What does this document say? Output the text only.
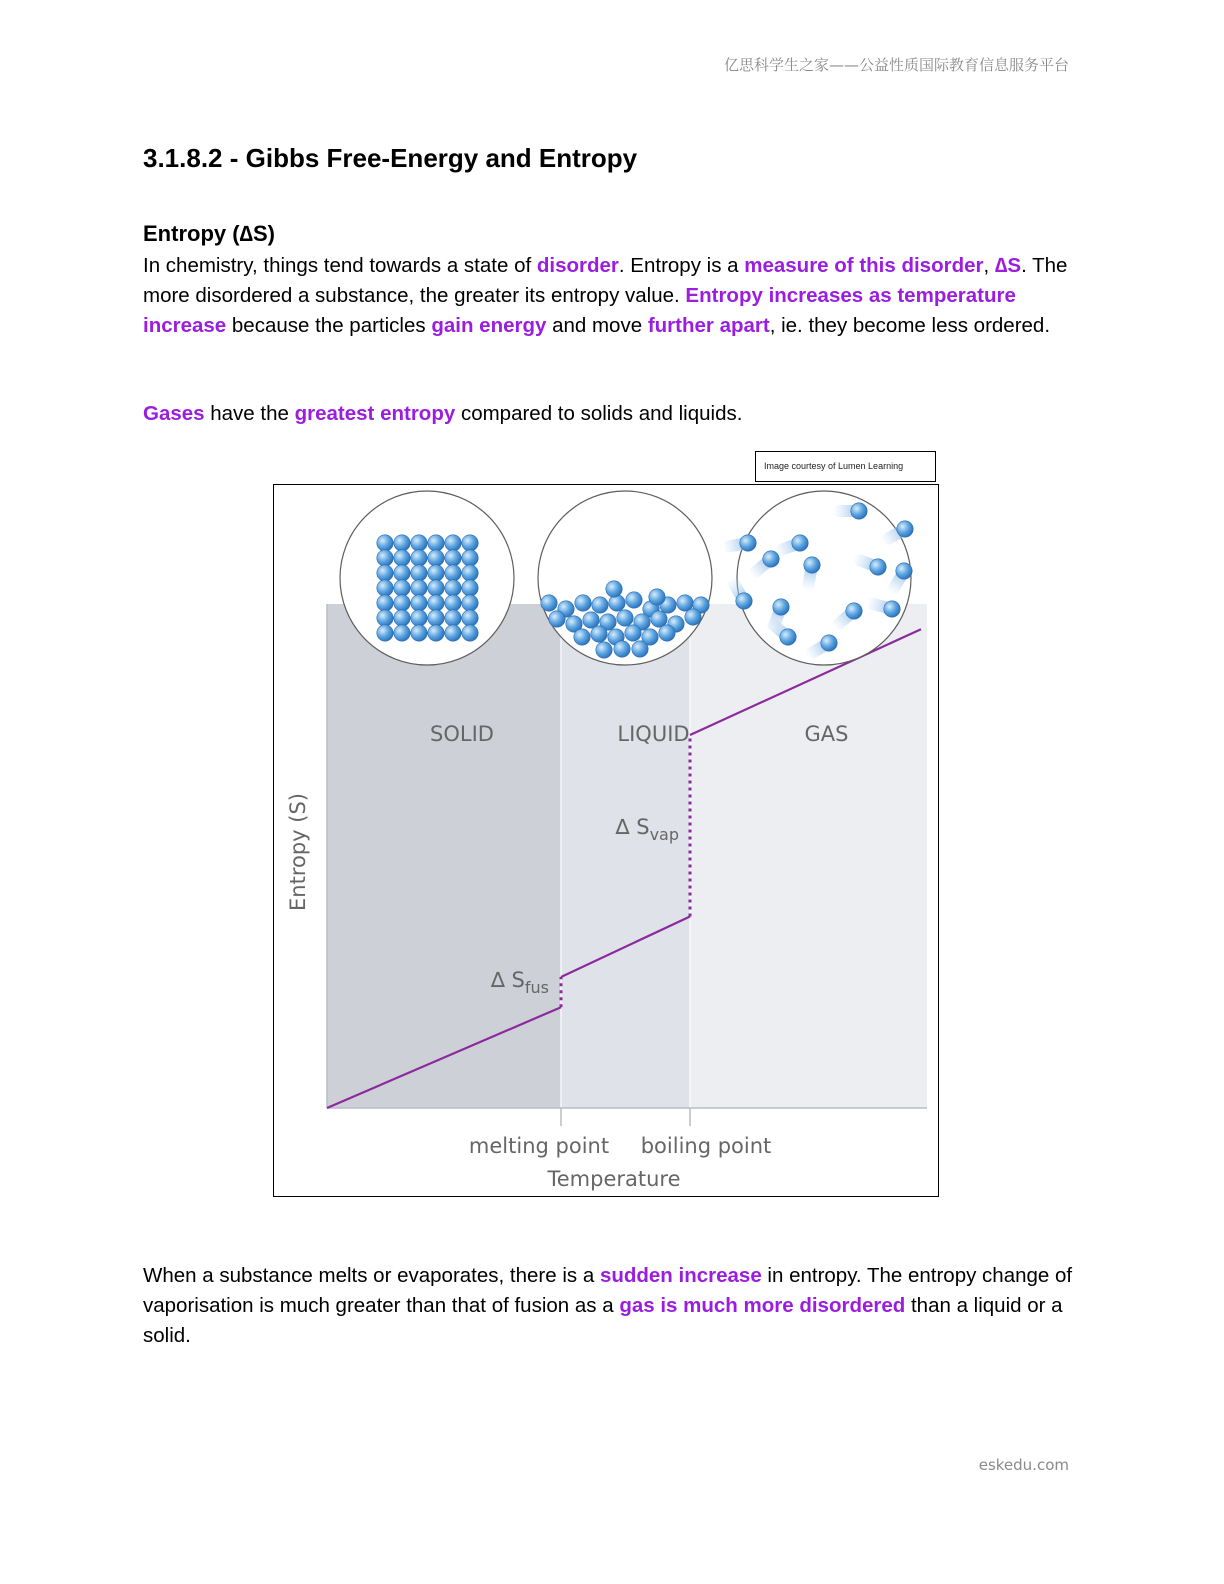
亿思科学生之家——公益性质国际教育信息服务平台
3.1.8.2 - Gibbs Free-Energy and Entropy
Entropy (∆S)

In chemistry, things tend towards a state of disorder. Entropy is a measure of this disorder, ∆S. The more disordered a substance, the greater its entropy value. Entropy increases as temperature increase because the particles gain energy and move further apart, ie. they become less ordered.

Gases have the greatest entropy compared to solids and liquids.

Image courtesy of Lumen Learning
SOLID	LIQUID	GAS
∆ $S_{fus}$
∆ $S_{vap}$
melting point boiling point
Temperature
Entropy (S)

When a substance melts or evaporates, there is a sudden increase in entropy. The entropy change of vaporisation is much greater than that of fusion as a gas is much more disordered than a liquid or a solid.

eskedu.com
